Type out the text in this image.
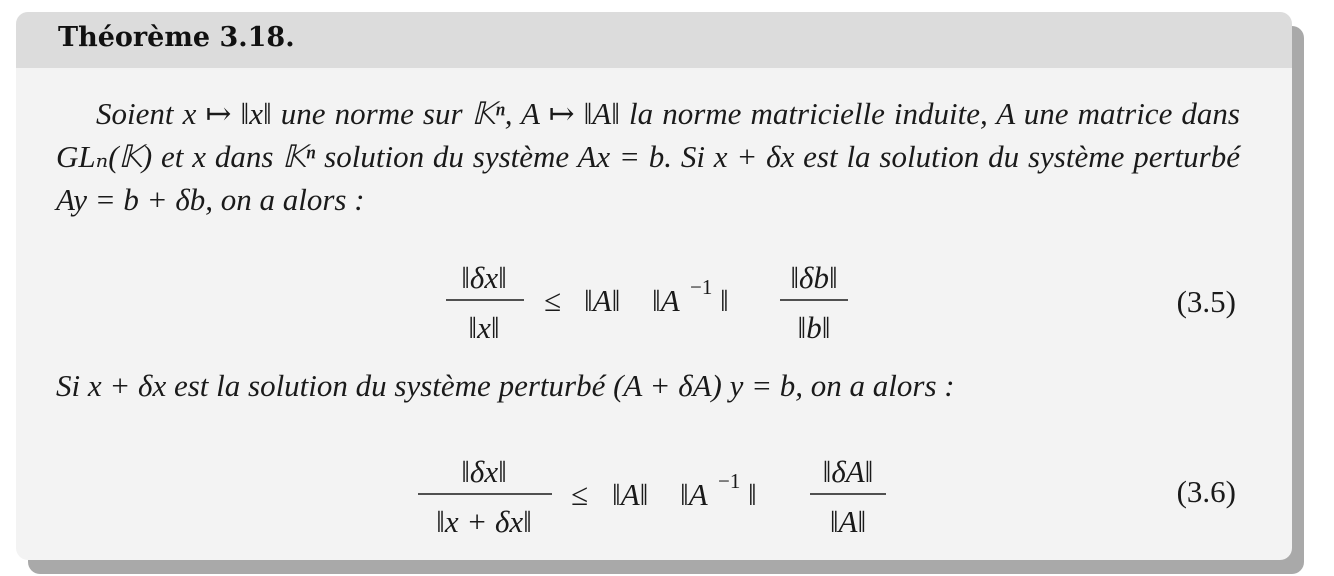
Théorème 3.18.
Soient x ↦ ‖x‖ une norme sur 𝕂ⁿ, A ↦ ‖A‖ la norme matricielle induite, A une matrice dans GLₙ(𝕂) et x dans 𝕂ⁿ solution du système Ax = b. Si x + δx est la solution du système perturbé Ay = b + δb, on a alors :
‖δx‖
‖x‖
≤ ‖A‖ ‖A −1 ‖
‖δb‖
‖b‖
(3.5)
Si x + δx est la solution du système perturbé (A + δA) y = b, on a alors :
‖δx‖
‖x + δx‖
≤ ‖A‖ ‖A −1 ‖
‖δA‖
‖A‖
(3.6)
